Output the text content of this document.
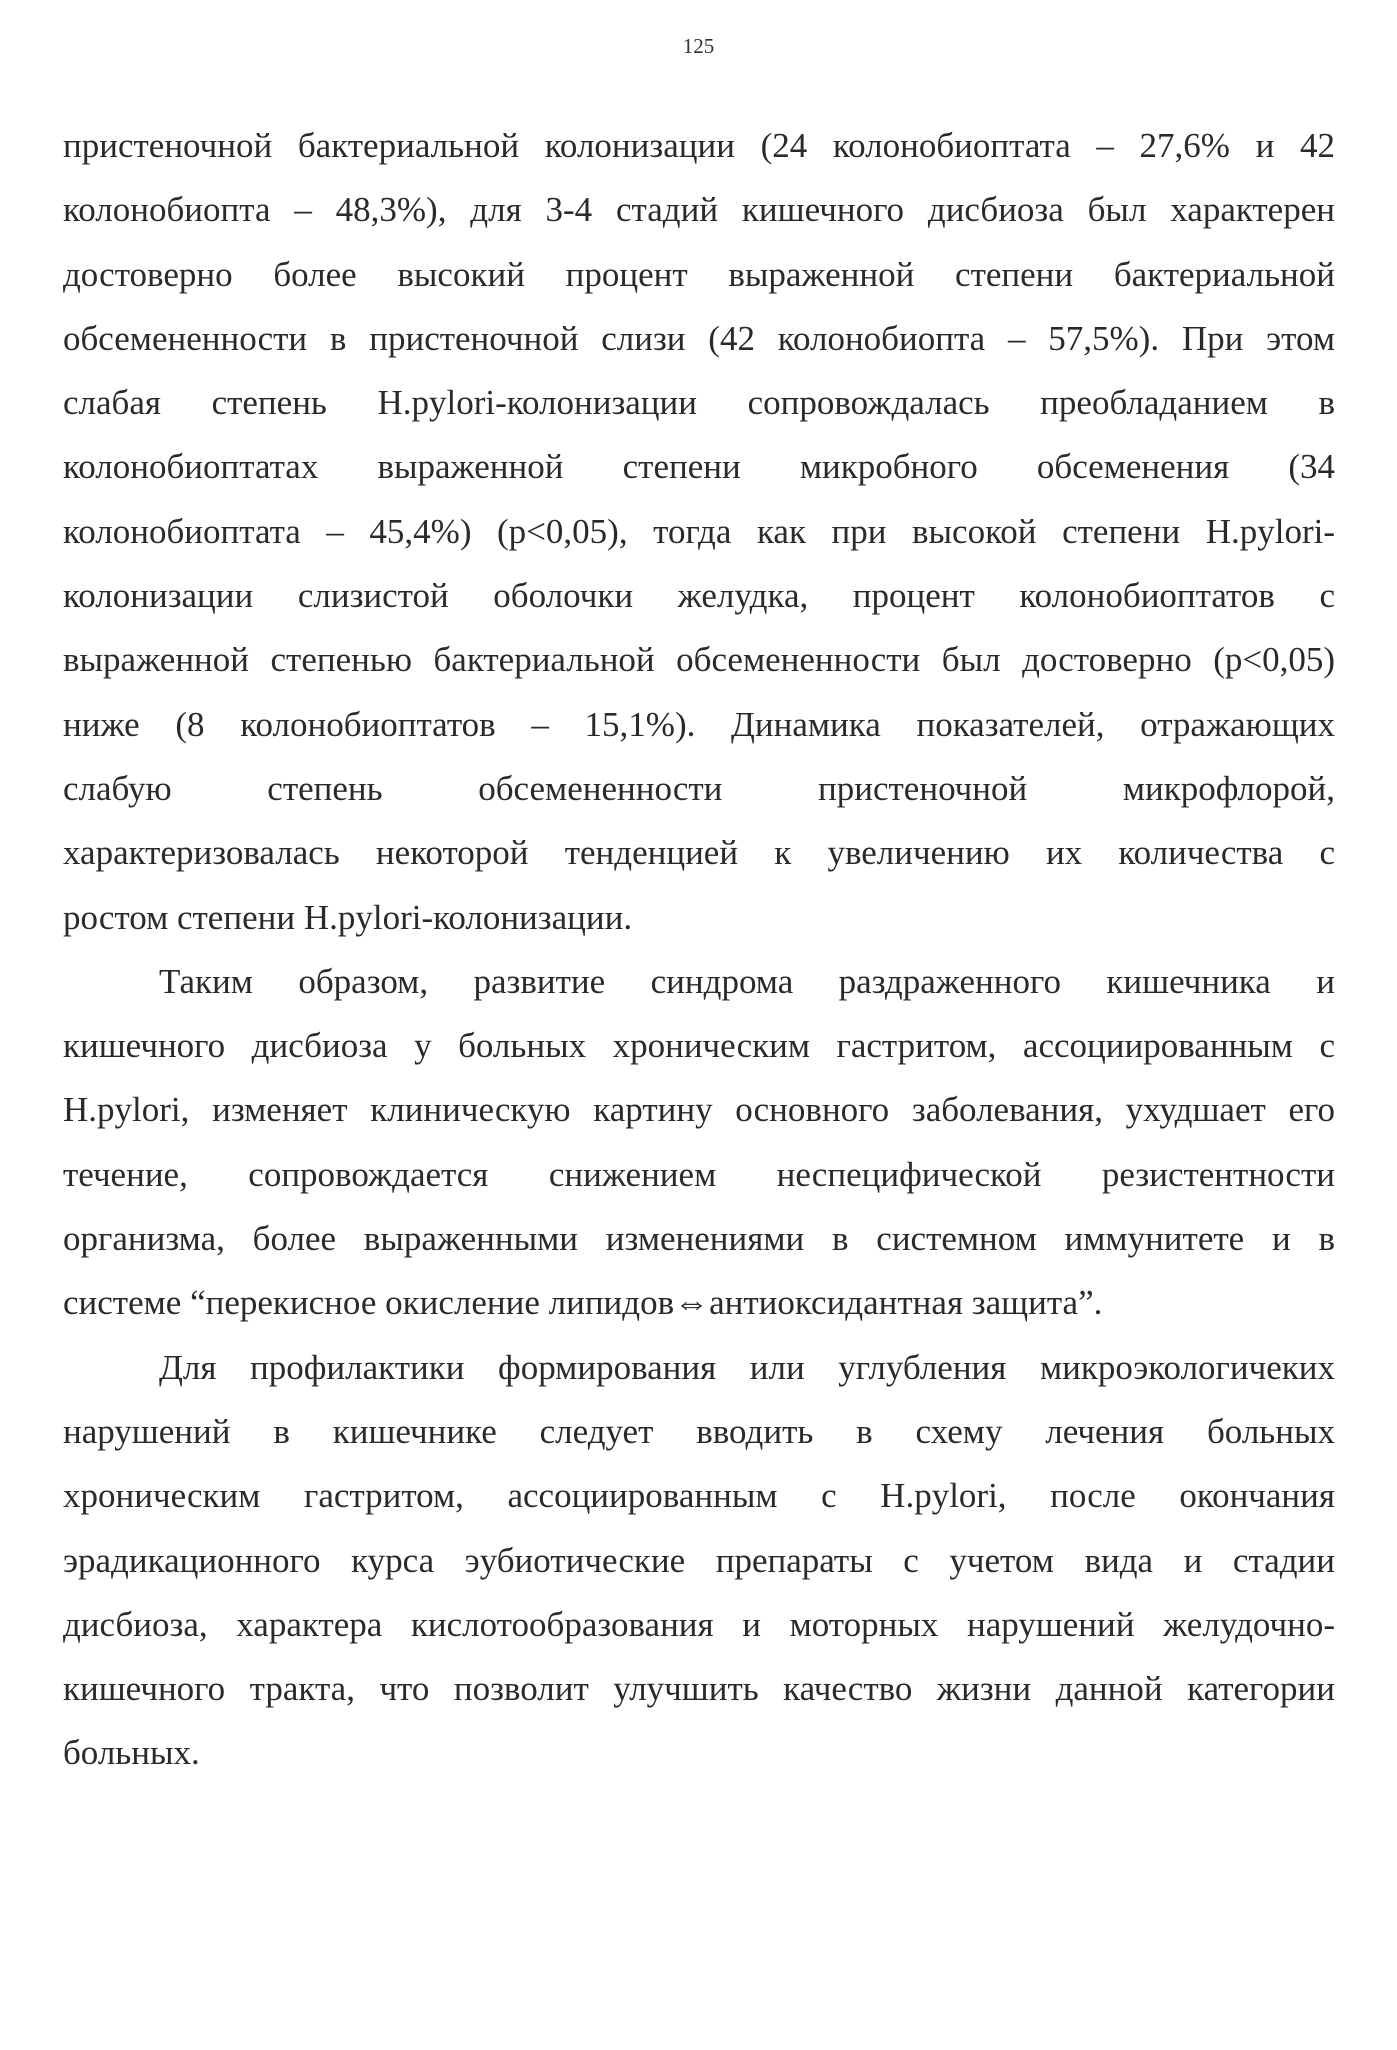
125

пристеночной бактериальной колонизации (24 колонобиоптата – 27,6% и 42
колонобиопта – 48,3%), для 3-4 стадий кишечного дисбиоза был характерен
достоверно более высокий процент выраженной степени бактериальной
обсемененности в пристеночной слизи (42 колонобиопта – 57,5%). При этом
слабая степень H.pylori-колонизации сопровождалась преобладанием в
колонобиоптатах выраженной степени микробного обсеменения (34
колонобиоптата – 45,4%) (р<0,05), тогда как при высокой степени H.pylori-
колонизации слизистой оболочки желудка, процент колонобиоптатов с
выраженной степенью бактериальной обсемененности был достоверно (р<0,05)
ниже (8 колонобиоптатов – 15,1%). Динамика показателей, отражающих
слабую степень обсемененности пристеночной микрофлорой,
характеризовалась некоторой тенденцией к увеличению их количества с
ростом степени H.pylori-колонизации.

Таким образом, развитие синдрома раздраженного кишечника и
кишечного дисбиоза у больных хроническим гастритом, ассоциированным с
H.pylori, изменяет клиническую картину основного заболевания, ухудшает его
течение, сопровождается снижением неспецифической резистентности
организма, более выраженными изменениями в системном иммунитете и в
системе “перекисное окисление липидов⇔антиоксидантная защита”.

Для профилактики формирования или углубления микроэкологичеких
нарушений в кишечнике следует вводить в схему лечения больных
хроническим гастритом, ассоциированным с H.pylori, после окончания
эрадикационного курса эубиотические препараты с учетом вида и стадии
дисбиоза, характера кислотообразования и моторных нарушений желудочно-
кишечного тракта, что позволит улучшить качество жизни данной категории
больных.
